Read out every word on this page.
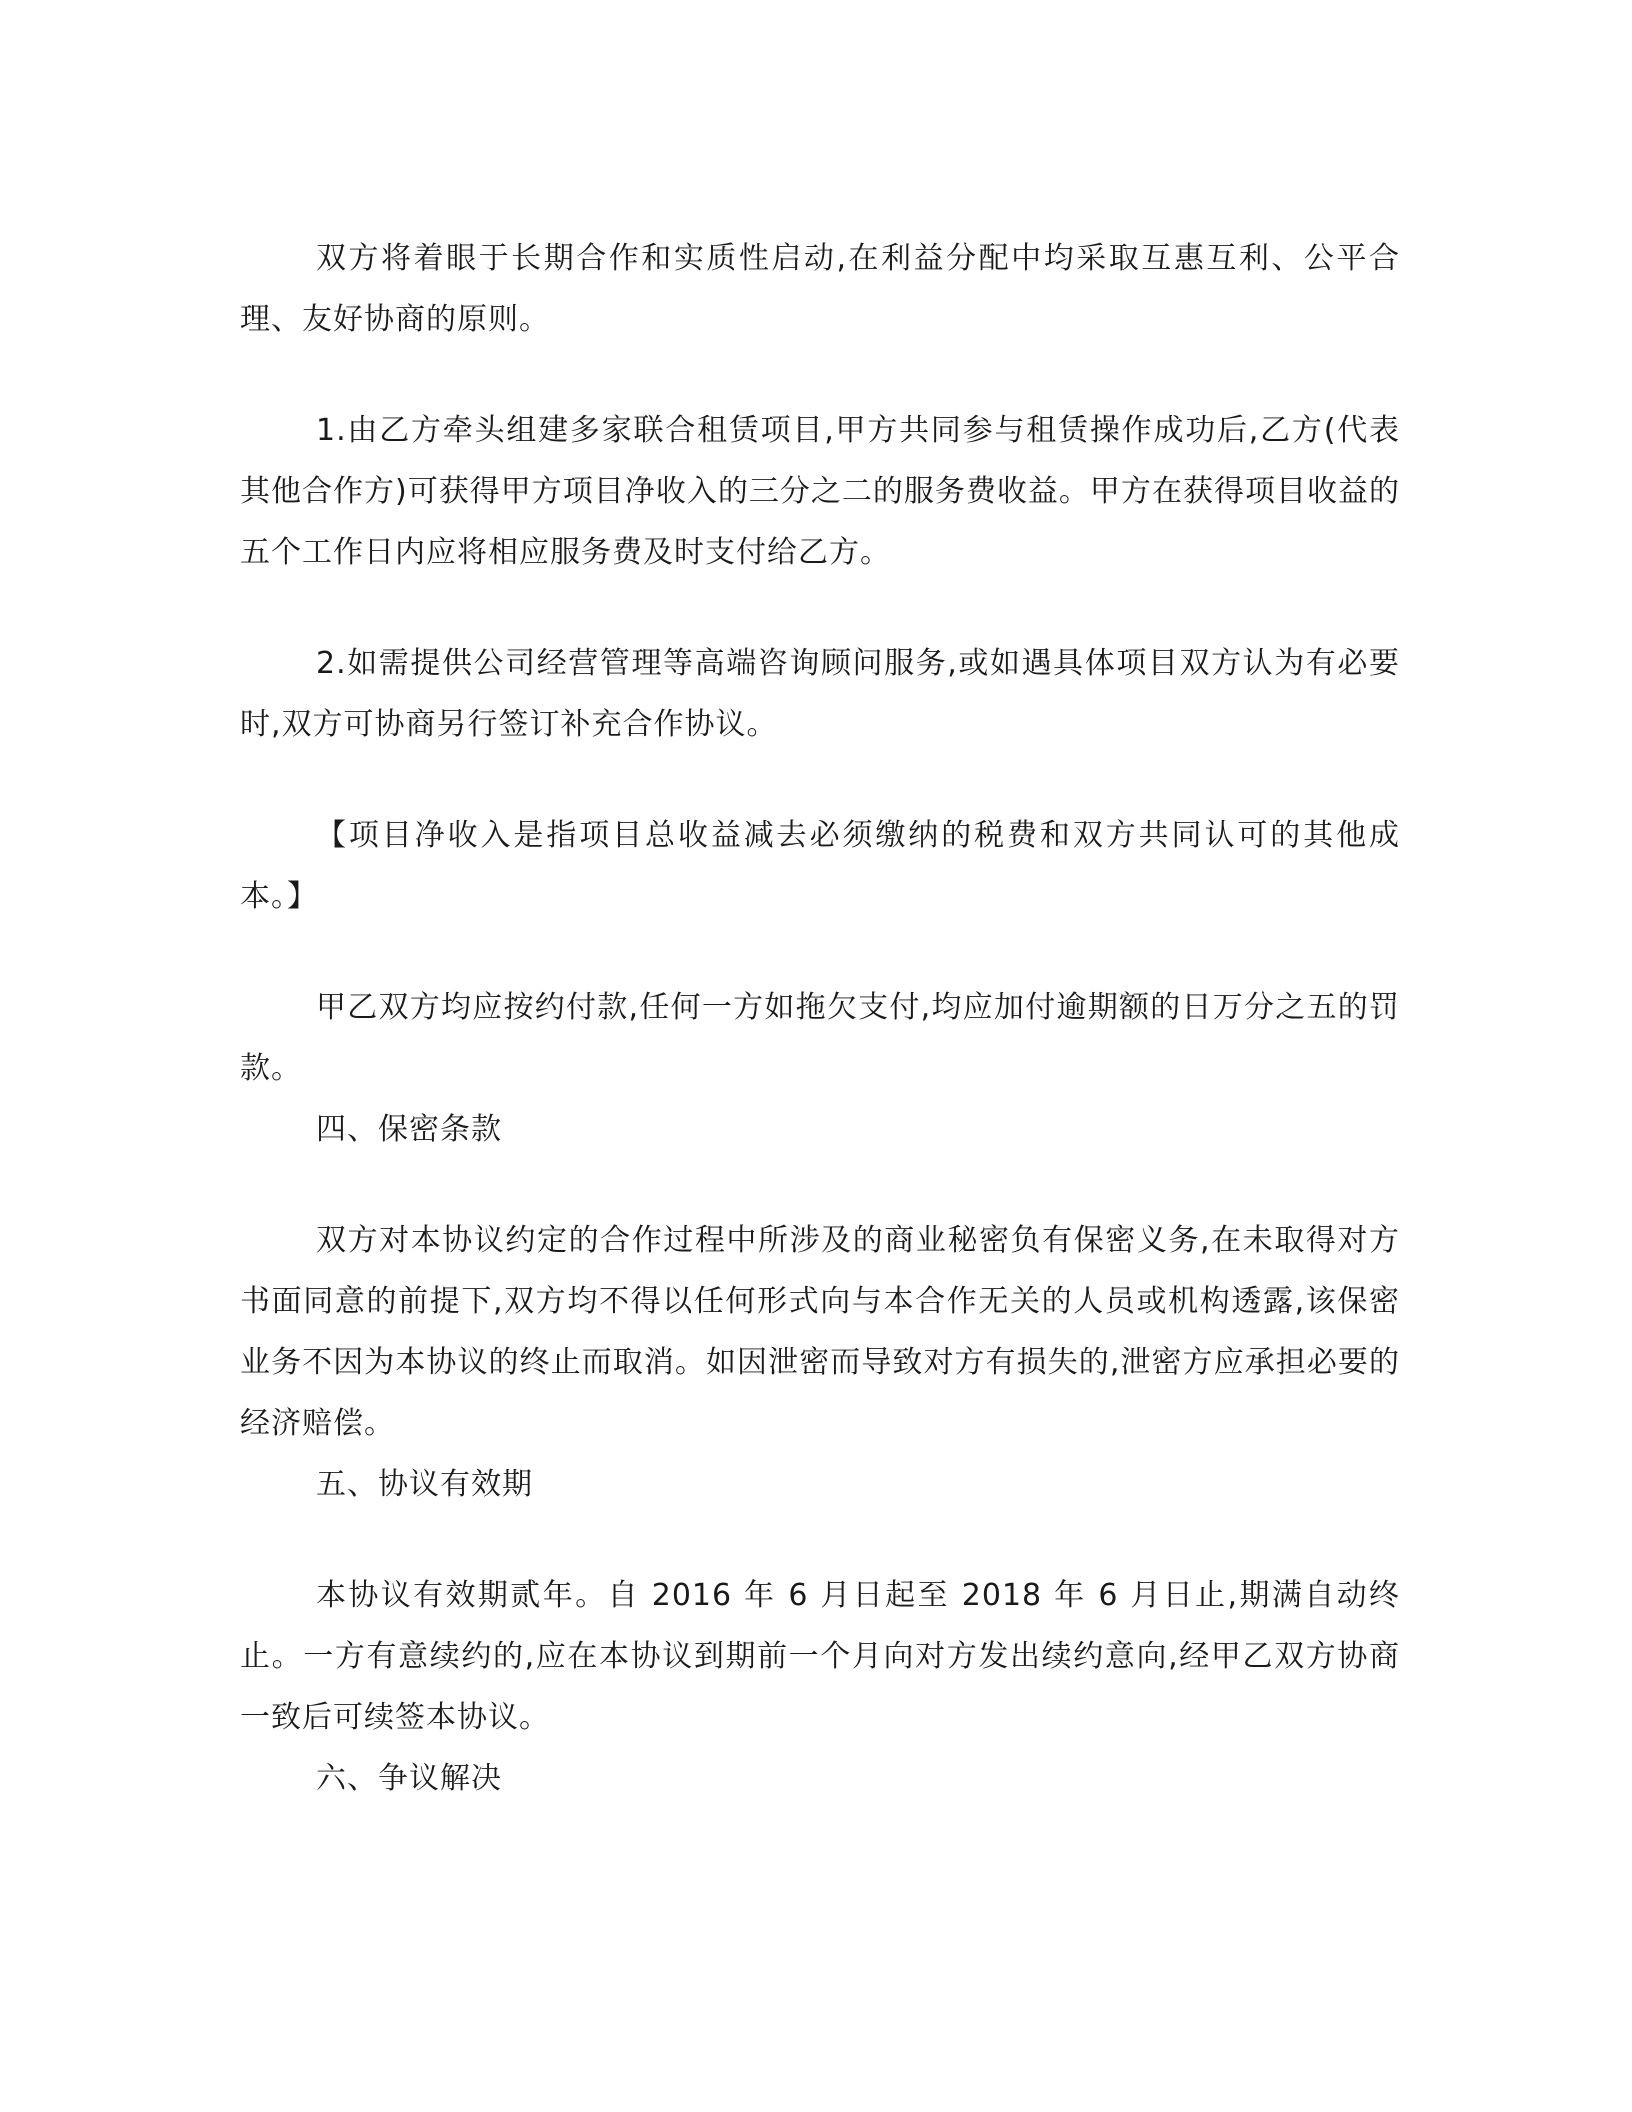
双方将着眼于长期合作和实质性启动,在利益分配中均采取互惠互利、公平合理、友好协商的原则。

1.由乙方牵头组建多家联合租赁项目,甲方共同参与租赁操作成功后,乙方(代表其他合作方)可获得甲方项目净收入的三分之二的服务费收益。甲方在获得项目收益的五个工作日内应将相应服务费及时支付给乙方。

2.如需提供公司经营管理等高端咨询顾问服务,或如遇具体项目双方认为有必要时,双方可协商另行签订补充合作协议。

【项目净收入是指项目总收益减去必须缴纳的税费和双方共同认可的其他成本。】

甲乙双方均应按约付款,任何一方如拖欠支付,均应加付逾期额的日万分之五的罚款。

四、保密条款

双方对本协议约定的合作过程中所涉及的商业秘密负有保密义务,在未取得对方书面同意的前提下,双方均不得以任何形式向与本合作无关的人员或机构透露,该保密业务不因为本协议的终止而取消。如因泄密而导致对方有损失的,泄密方应承担必要的经济赔偿。

五、协议有效期

本协议有效期贰年。自 2016 年 6 月日起至 2018 年 6 月日止,期满自动终止。一方有意续约的,应在本协议到期前一个月向对方发出续约意向,经甲乙双方协商一致后可续签本协议。

六、争议解决
